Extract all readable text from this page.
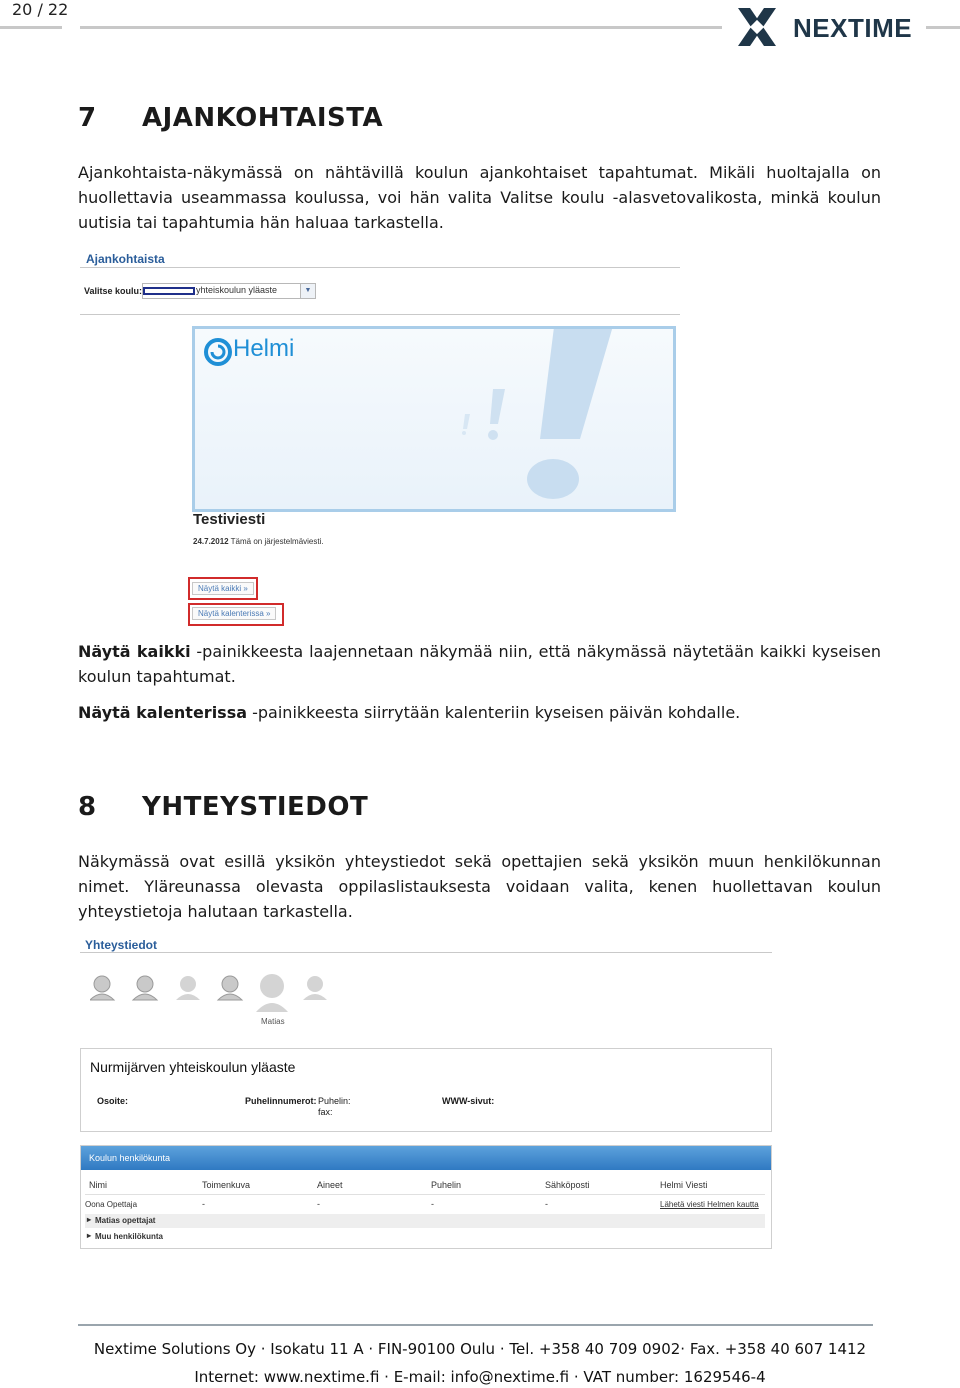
20 / 22
NEXTIME
7 AJANKOHTAISTA
Ajankohtaista-näkymässä on nähtävillä koulun ajankohtaiset tapahtumat. Mikäli huoltajalla on huollettavia useammassa koulussa, voi hän valita Valitse koulu -alasvetovalikosta, minkä koulun uutisia tai tapahtumia hän haluaa tarkastella.
Ajankohtaista
Valitse koulu:	yhteiskoulun yläaste	▼
Helmi
Testiviesti
24.7.2012 Tämä on järjestelmäviesti.
Näytä kaikki »
Näytä kalenterissa »
Näytä kaikki -painikkeesta laajennetaan näkymää niin, että näkymässä näytetään kaikki kyseisen koulun tapahtumat.
Näytä kalenterissa -painikkeesta siirrytään kalenteriin kyseisen päivän kohdalle.
8 YHTEYSTIEDOT
Näkymässä ovat esillä yksikön yhteystiedot sekä opettajien sekä yksikön muun henkilökunnan nimet. Yläreunassa olevasta oppilaslistauksesta voidaan valita, kenen huollettavan koulun yhteystietoja halutaan tarkastella.
Yhteystiedot
Matias
Nurmijärven yhteiskoulun yläaste
Osoite:	Puhelinnumerot: Puhelin:
fax:
WWW-sivut:
Koulun henkilökunta
Nimi	Toimenkuva	Aineet	Puhelin	Sähköposti	Helmi Viesti
Oona Opettaja	-	-	-	-	Lähetä viesti Helmen kautta
▸ Matias opettajat
▸ Muu henkilökunta
Nextime Solutions Oy · Isokatu 11 A · FIN-90100 Oulu · Tel. +358 40 709 0902· Fax. +358 40 607 1412
Internet: www.nextime.fi · E-mail: info@nextime.fi · VAT number: 1629546-4
